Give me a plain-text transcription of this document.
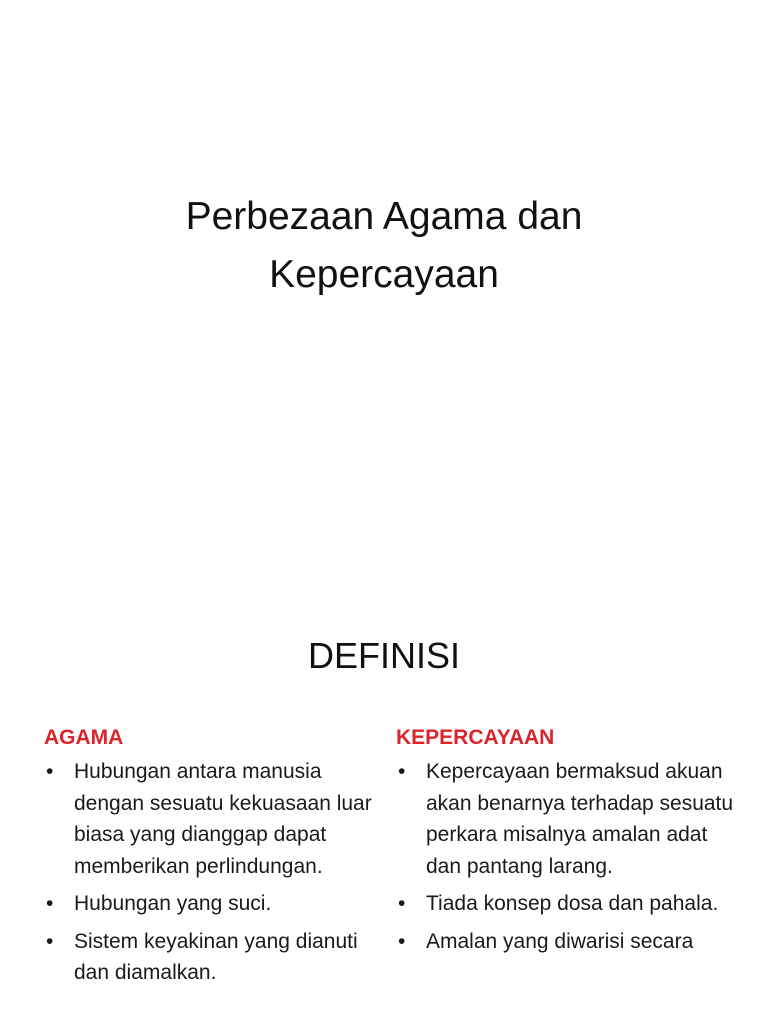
Perbezaan Agama dan
Kepercayaan
DEFINISI
AGAMA
• Hubungan antara manusia dengan sesuatu kekuasaan luar biasa yang dianggap dapat memberikan perlindungan.
• Hubungan yang suci.
• Sistem keyakinan yang dianuti dan diamalkan.
KEPERCAYAAN
• Kepercayaan bermaksud akuan akan benarnya terhadap sesuatu perkara misalnya amalan adat dan pantang larang.
• Tiada konsep dosa dan pahala.
• Amalan yang diwarisi secara
